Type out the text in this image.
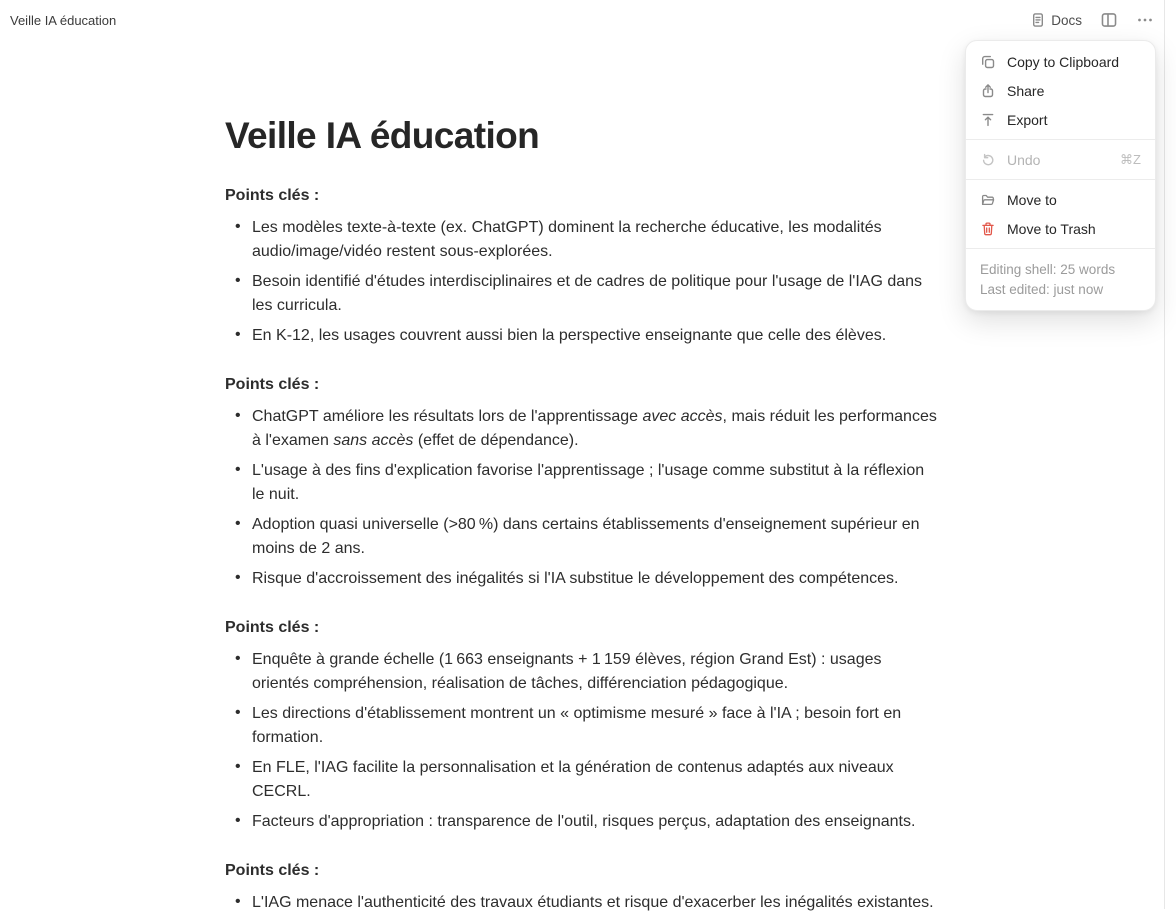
Veille IA éducation	Docs
Veille IA éducation
Points clés :
• Les modèles texte-à-texte (ex. ChatGPT) dominent la recherche éducative, les modalités audio/image/vidéo restent sous-explorées.
• Besoin identifié d'études interdisciplinaires et de cadres de politique pour l'usage de l'IAG dans les curricula.
• En K-12, les usages couvrent aussi bien la perspective enseignante que celle des élèves.
Points clés :
• ChatGPT améliore les résultats lors de l'apprentissage avec accès, mais réduit les performances à l'examen sans accès (effet de dépendance).
• L'usage à des fins d'explication favorise l'apprentissage ; l'usage comme substitut à la réflexion le nuit.
• Adoption quasi universelle (>80 %) dans certains établissements d'enseignement supérieur en moins de 2 ans.
• Risque d'accroissement des inégalités si l'IA substitue le développement des compétences.
Points clés :
• Enquête à grande échelle (1 663 enseignants + 1 159 élèves, région Grand Est) : usages orientés compréhension, réalisation de tâches, différenciation pédagogique.
• Les directions d'établissement montrent un « optimisme mesuré » face à l'IA ; besoin fort en formation.
• En FLE, l'IAG facilite la personnalisation et la génération de contenus adaptés aux niveaux CECRL.
• Facteurs d'appropriation : transparence de l'outil, risques perçus, adaptation des enseignants.
Points clés :
• L'IAG menace l'authenticité des travaux étudiants et risque d'exacerber les inégalités existantes.
Copy to Clipboard
Share
Export
Undo	⌘Z
Move to
Move to Trash
Editing shell: 25 words
Last edited: just now
